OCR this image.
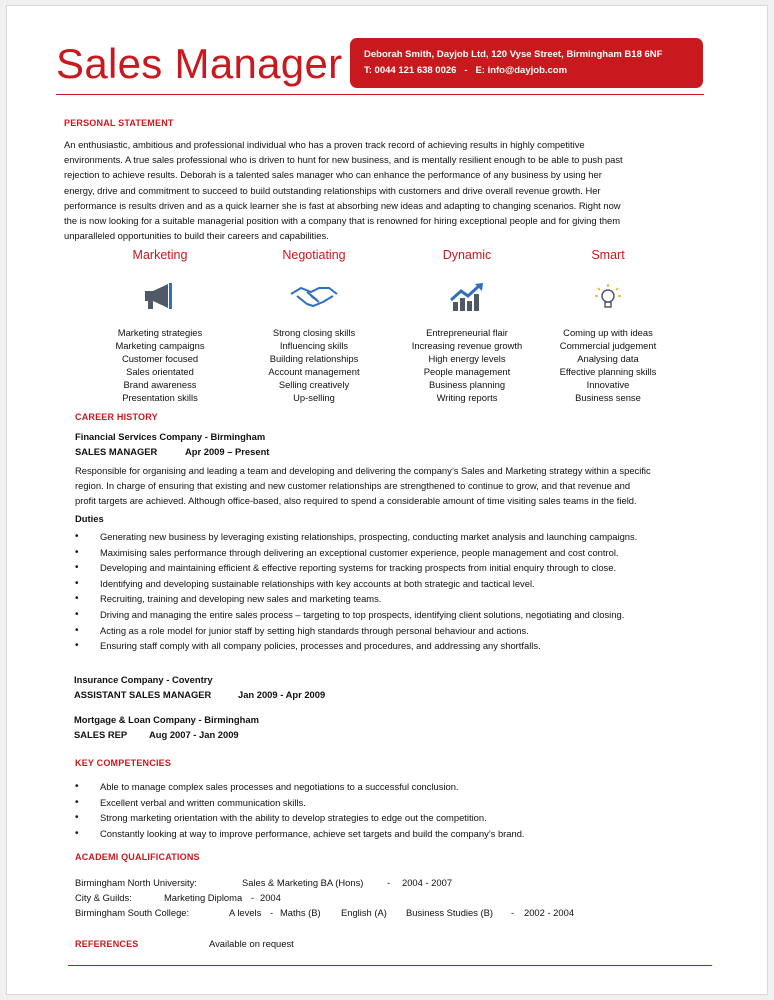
Sales Manager Deborah Smith, Dayjob Ltd, 120 Vyse Street, Birmingham B18 6NF
T: 0044 121 638 0026   -   E: info@dayjob.com
PERSONAL STATEMENT
An enthusiastic, ambitious and professional individual who has a proven track record of achieving results in highly competitive
environments. A true sales professional who is driven to hunt for new business, and is mentally resilient enough to be able to push past
rejection to achieve results. Deborah is a talented sales manager who can enhance the performance of any business by using her
energy, drive and commitment to succeed to build outstanding relationships with customers and drive overall revenue growth. Her
performance is results driven and as a quick learner she is fast at absorbing new ideas and adapting to changing scenarios. Right now
the is now looking for a suitable managerial position with a company that is renowned for hiring exceptional people and for giving them
unparalleled opportunities to build their careers and capabilities.
Marketing
Marketing strategies
Marketing campaigns
Customer focused
Sales orientated
Brand awareness
Presentation skills
Negotiating
Strong closing skills
Influencing skills
Building relationships
Account management
Selling creatively
Up-selling
Dynamic
Entrepreneurial flair
Increasing revenue growth
High energy levels
People management
Business planning
Writing reports
Smart
Coming up with ideas
Commercial judgement
Analysing data
Effective planning skills
Innovative
Business sense
CAREER HISTORY
Financial Services Company - Birmingham
SALES MANAGER	Apr 2009 – Present
Responsible for organising and leading a team and developing and delivering the company’s Sales and Marketing strategy within a specific
region. In charge of ensuring that existing and new customer relationships are strengthened to continue to grow, and that revenue and
profit targets are achieved. Although office-based, also required to spend a considerable amount of time visiting sales teams in the field.
Duties
• Generating new business by leveraging existing relationships, prospecting, conducting market analysis and launching campaigns.
• Maximising sales performance through delivering an exceptional customer experience, people management and cost control.
• Developing and maintaining efficient & effective reporting systems for tracking prospects from initial enquiry through to close.
• Identifying and developing sustainable relationships with key accounts at both strategic and tactical level.
• Recruiting, training and developing new sales and marketing teams.
• Driving and managing the entire sales process – targeting to top prospects, identifying client solutions, negotiating and closing.
• Acting as a role model for junior staff by setting high standards through personal behaviour and actions.
• Ensuring staff comply with all company policies, processes and procedures, and addressing any shortfalls.
Insurance Company - Coventry
ASSISTANT SALES MANAGER	Jan 2009 - Apr 2009
Mortgage & Loan Company - Birmingham
SALES REP Aug 2007 - Jan 2009
KEY COMPETENCIES
• Able to manage complex sales processes and negotiations to a successful conclusion.
• Excellent verbal and written communication skills.
• Strong marketing orientation with the ability to develop strategies to edge out the competition.
• Constantly looking at way to improve performance, achieve set targets and build the company’s brand.
ACADEMI QUALIFICATIONS
Birmingham North University:	Sales & Marketing BA (Hons)	- 2004 - 2007
City & Guilds:	Marketing Diploma - 2004
Birmingham South College:	A levels - Maths (B) English (A) Business Studies (B) - 2002 - 2004
REFERENCES	Available on request
